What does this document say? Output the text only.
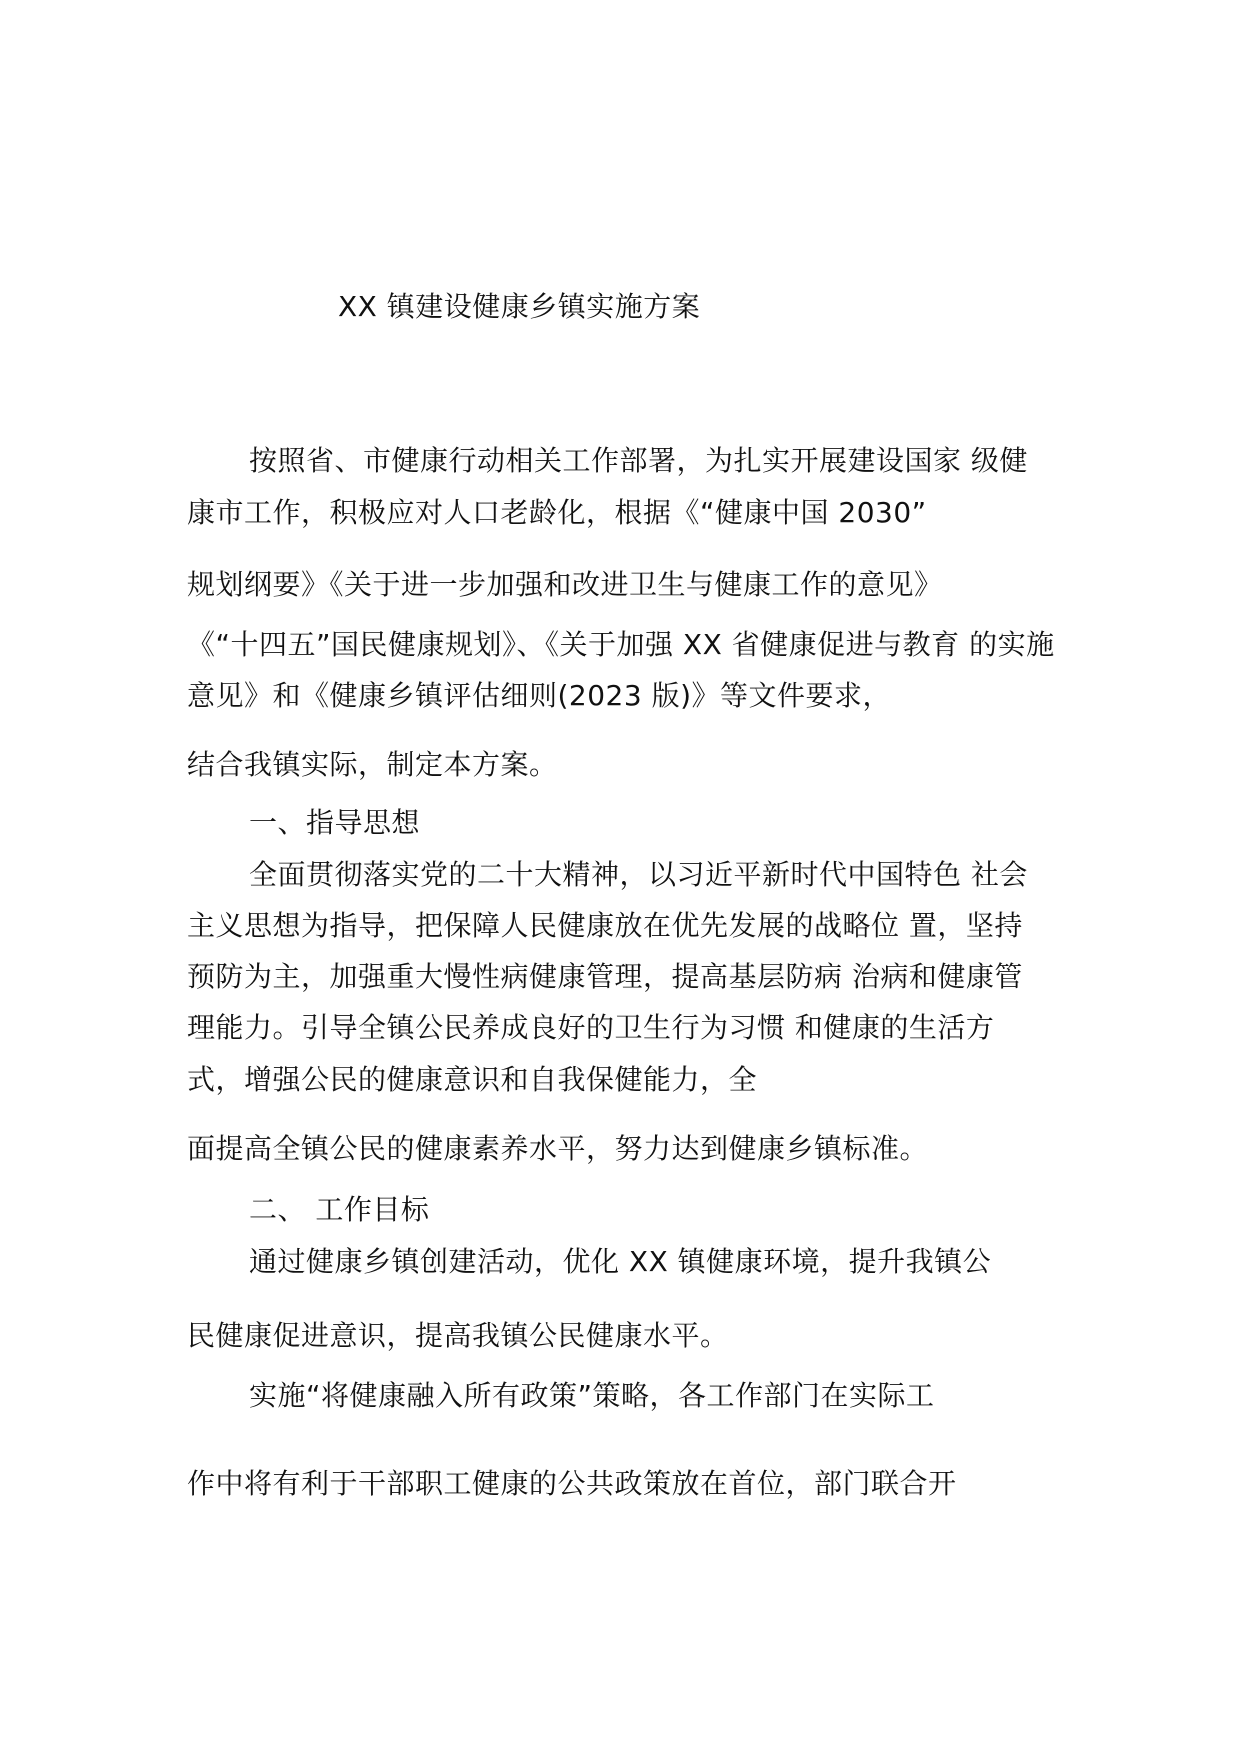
XX 镇建设健康乡镇实施方案
按照省、市健康行动相关工作部署，为扎实开展建设国家 级健
康市工作，积极应对人口老龄化，根据《“健康中国 2030”
规划纲要》《关于进一步加强和改进卫生与健康工作的意见》
《“十四五”国民健康规划》、《关于加强 XX 省健康促进与教育 的实施
意见》和《健康乡镇评估细则(2023 版)》等文件要求，
结合我镇实际，制定本方案。
一、指导思想
全面贯彻落实党的二十大精神，以习近平新时代中国特色 社会
主义思想为指导，把保障人民健康放在优先发展的战略位 置，坚持
预防为主，加强重大慢性病健康管理，提高基层防病 治病和健康管
理能力。引导全镇公民养成良好的卫生行为习惯 和健康的生活方
式，增强公民的健康意识和自我保健能力，全
面提高全镇公民的健康素养水平，努力达到健康乡镇标准。
二、 工作目标
通过健康乡镇创建活动，优化 XX 镇健康环境，提升我镇公
民健康促进意识，提高我镇公民健康水平。
实施“将健康融入所有政策”策略，各工作部门在实际工
作中将有利于干部职工健康的公共政策放在首位，部门联合开
